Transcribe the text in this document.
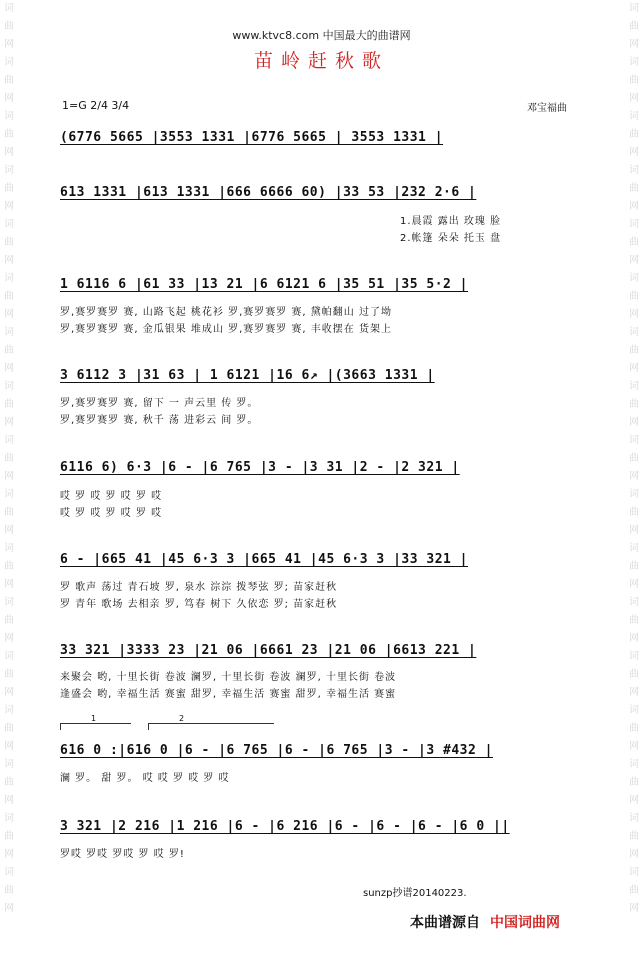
词
曲
网
词
曲
网
词
曲
网
词
曲
网
词
曲
网
词
曲
网
词
曲
网
词
曲
网
词
曲
网
词
曲
网
词
曲
网
词
曲
网
词
曲
网
词
曲
网
词
曲
网
词
曲
网
词
曲
网
词
曲
网
词
曲
网
词
曲
网
词
曲
网
词
曲
网
词
曲
网
词
曲
网
词
曲
网
词
曲
网
词
曲
网
词
曲
网
词
曲
网
词
曲
网
词
曲
网
词
曲
网
词
曲
网
词
曲
网
www.ktvc8.com 中国最大的曲谱网
苗岭赶秋歌
1=G 2/4 3/4	邓宝福曲
(6776 5665 |3553 1331 |6776 5665 | 3553 1331 |
613 1331 |613 1331 |666 6666 60) |33 53 |232 2·6 |
1.晨霞 露出 玫瑰 脸
2.帐篷 朵朵 托玉 盘
1 6116 6 |61 33 |13 21 |6 6121 6 |35 51 |35 5·2 |
罗,赛罗赛罗 赛, 山路飞起 桃花衫 罗,赛罗赛罗 赛, 黛帕翻山 过了坳
罗,赛罗赛罗 赛, 金瓜银果 堆成山 罗,赛罗赛罗 赛, 丰收摆在 货架上
3 6112 3 |31 63 | 1 6121 |16 6↗ |(3663 1331 |
罗,赛罗赛罗 赛, 留下 一 声云里 传 罗。
罗,赛罗赛罗 赛, 秋千 荡 进彩云 间 罗。
6116 6) 6·3 |6 - |6 765 |3 - |3 31 |2 - |2 321 |
哎 罗 哎 罗 哎 罗 哎
哎 罗 哎 罗 哎 罗 哎
6 - |665 41 |45 6·3 3 |665 41 |45 6·3 3 |33 321 |
罗 歌声 荡过 青石坡 罗, 泉水 淙淙 拨琴弦 罗; 苗家赶秋
罗 青年 歌场 去相亲 罗, 笃春 树下 久依恋 罗; 苗家赶秋
33 321 |3333 23 |21 06 |6661 23 |21 06 |6613 221 |
来聚会 哟, 十里长街 卷波 澜罗, 十里长街 卷波 澜罗, 十里长街 卷波
逢盛会 哟, 幸福生活 赛蜜 甜罗, 幸福生活 赛蜜 甜罗, 幸福生活 赛蜜
1	2
616 0 :|616 0 |6 - |6 765 |6 - |6 765 |3 - |3 #432 |
澜 罗。 甜 罗。 哎 哎 罗 哎 罗 哎
3 321 |2 216 |1 216 |6 - |6 216 |6 - |6 - |6 - |6 0 ||
罗哎 罗哎 罗哎 罗 哎 罗!
sunzp抄谱20140223.
本曲谱源自 中国词曲网
